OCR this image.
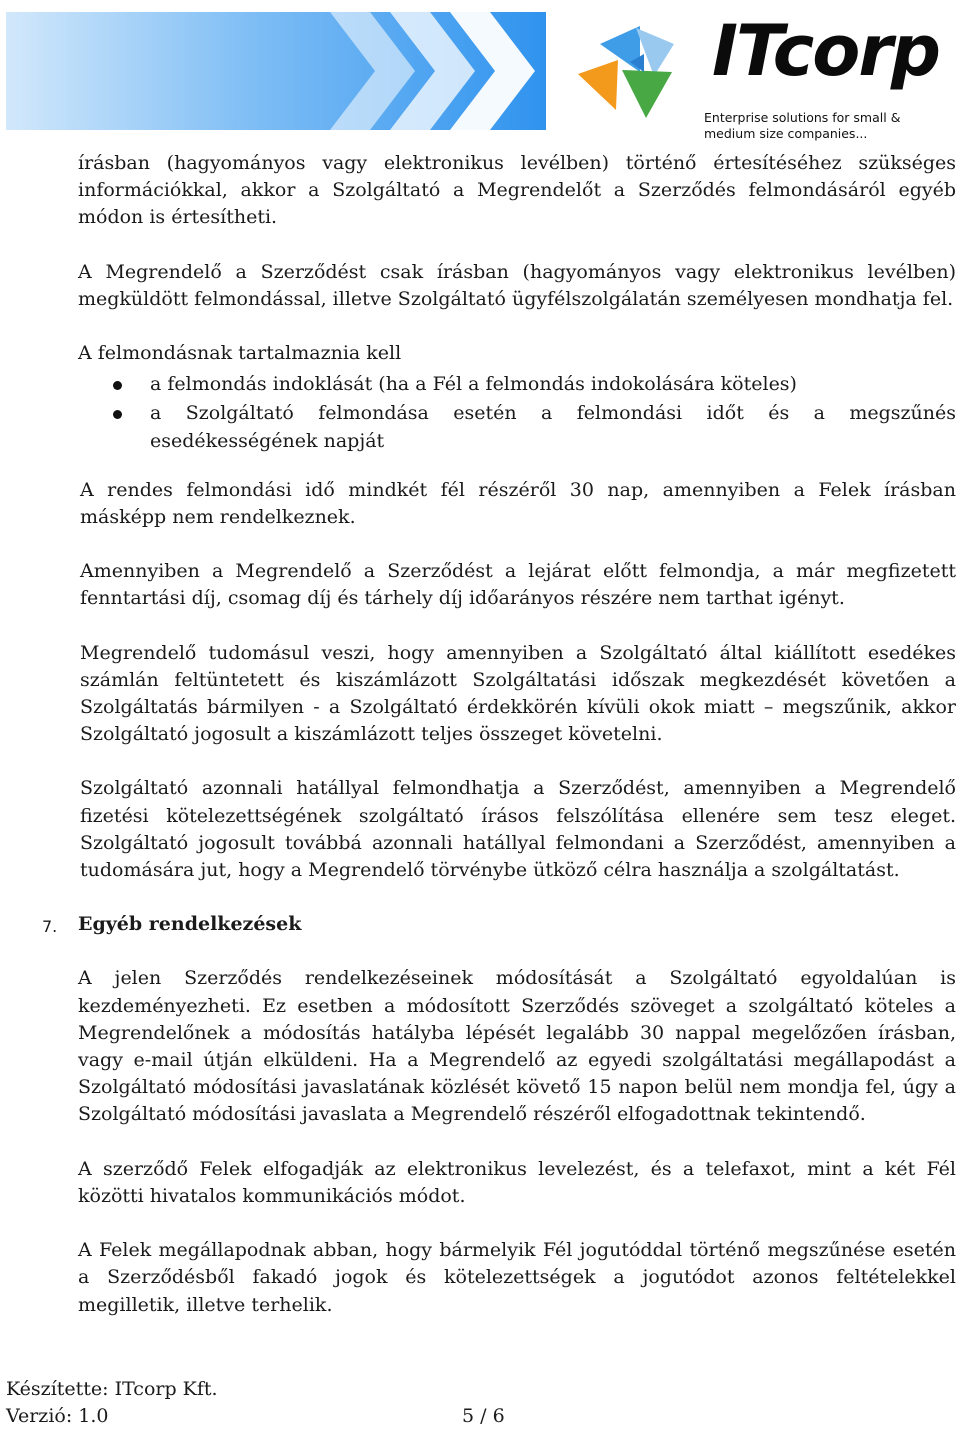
ITcorp
Enterprise solutions for small &
medium size companies...

írásban (hagyományos vagy elektronikus levélben) történő értesítéséhez szükséges információkkal, akkor a Szolgáltató a Megrendelőt a Szerződés felmondásáról egyéb módon is értesítheti.

A Megrendelő a Szerződést csak írásban (hagyományos vagy elektronikus levélben) megküldött felmondással, illetve Szolgáltató ügyfélszolgálatán személyesen mondhatja fel.

A felmondásnak tartalmaznia kell

a felmondás indoklását (ha a Fél a felmondás indokolására köteles)
a Szolgáltató felmondása esetén a felmondási időt és a megszűnés esedékességének napját

A rendes felmondási idő mindkét fél részéről 30 nap, amennyiben a Felek írásban másképp nem rendelkeznek.

Amennyiben a Megrendelő a Szerződést a lejárat előtt felmondja, a már megfizetett fenntartási díj, csomag díj és tárhely díj időarányos részére nem tarthat igényt.

Megrendelő tudomásul veszi, hogy amennyiben a Szolgáltató által kiállított esedékes számlán feltüntetett és kiszámlázott Szolgáltatási időszak megkezdését követően a Szolgáltatás bármilyen - a Szolgáltató érdekkörén kívüli okok miatt – megszűnik, akkor Szolgáltató jogosult a kiszámlázott teljes összeget követelni.

Szolgáltató azonnali hatállyal felmondhatja a Szerződést, amennyiben a Megrendelő fizetési kötelezettségének szolgáltató írásos felszólítása ellenére sem tesz eleget. Szolgáltató jogosult továbbá azonnali hatállyal felmondani a Szerződést, amennyiben a tudomására jut, hogy a Megrendelő törvénybe ütköző célra használja a szolgáltatást.

7. Egyéb rendelkezések

A jelen Szerződés rendelkezéseinek módosítását a Szolgáltató egyoldalúan is kezdeményezheti. Ez esetben a módosított Szerződés szöveget a szolgáltató köteles a Megrendelőnek a módosítás hatályba lépését legalább 30 nappal megelőzően írásban, vagy e-mail útján elküldeni. Ha a Megrendelő az egyedi szolgáltatási megállapodást a Szolgáltató módosítási javaslatának közlését követő 15 napon belül nem mondja fel, úgy a Szolgáltató módosítási javaslata a Megrendelő részéről elfogadottnak tekintendő.

A szerződő Felek elfogadják az elektronikus levelezést, és a telefaxot, mint a két Fél közötti hivatalos kommunikációs módot.

A Felek megállapodnak abban, hogy bármelyik Fél jogutóddal történő megszűnése esetén a Szerződésből fakadó jogok és kötelezettségek a jogutódot azonos feltételekkel megilletik, illetve terhelik.

Készítette: ITcorp Kft.
Verzió: 1.0	5 / 6
